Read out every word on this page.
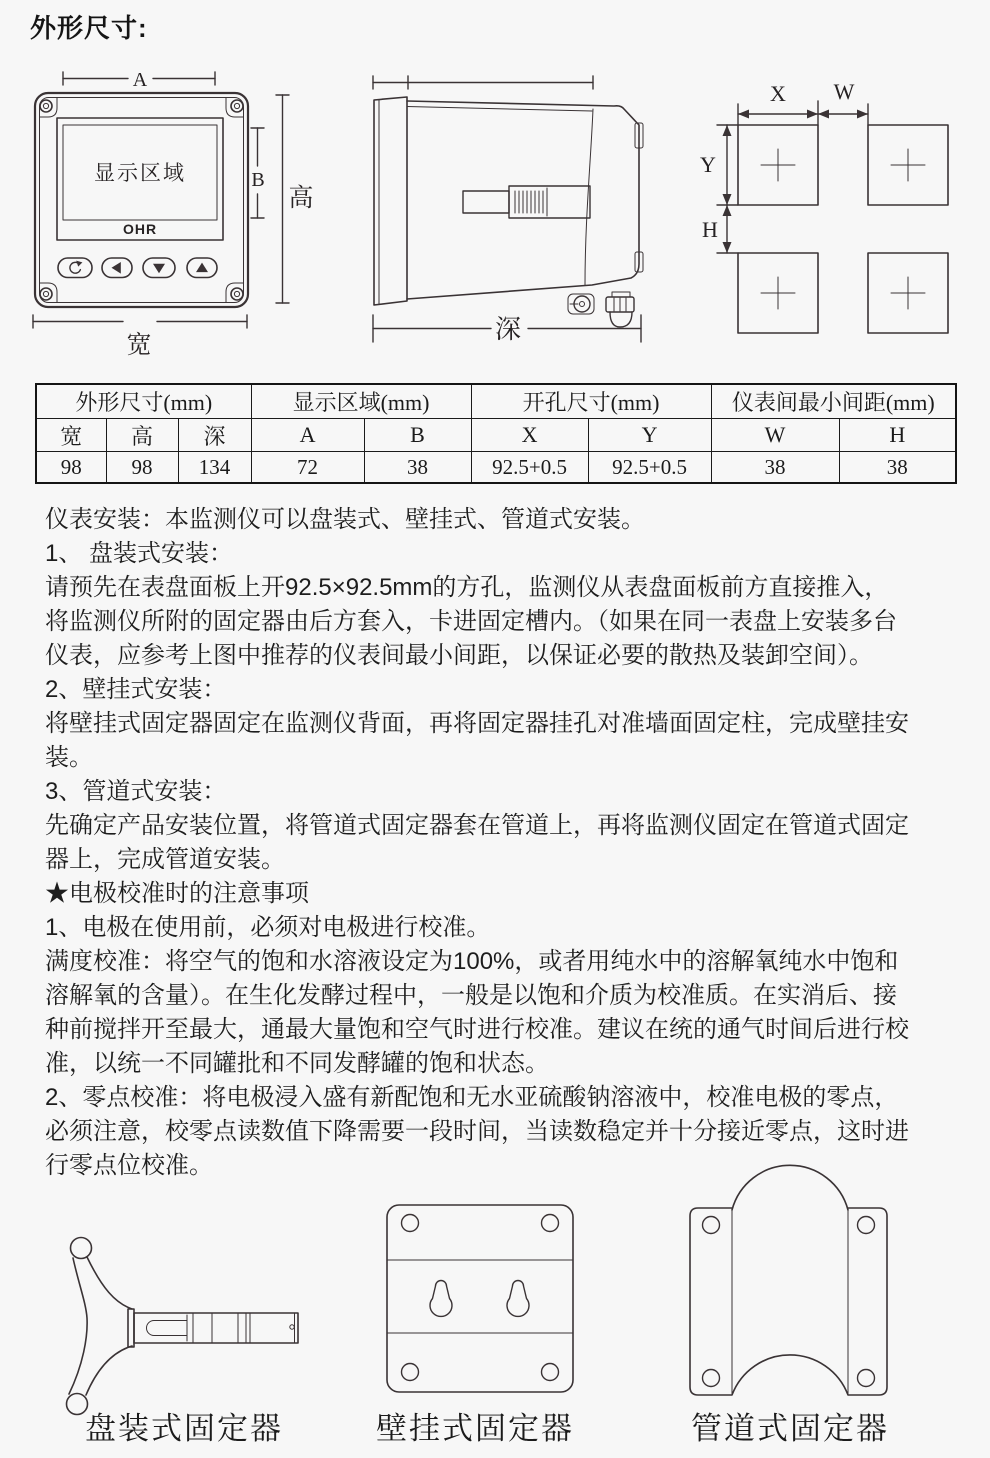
外形尺寸:
A
显示区域
OHR
B
高
宽
深
X W
Y
H
外形尺寸(mm)			显示区域(mm)		开孔尺寸(mm)		仪表间最小间距(mm)	
宽	高	深	A	B	X	Y	W	H
98	98	134	72	38	92.5+0.5	92.5+0.5	38	38
仪表安装：本监测仪可以盘装式、壁挂式、管道式安装。
1、 盘装式安装：
请预先在表盘面板上开92.5×92.5mm的方孔，监测仪从表盘面板前方直接推入，
将监测仪所附的固定器由后方套入，卡进固定槽内。（如果在同一表盘上安装多台
仪表，应参考上图中推荐的仪表间最小间距，以保证必要的散热及装卸空间）。
2、壁挂式安装：
将壁挂式固定器固定在监测仪背面，再将固定器挂孔对准墙面固定柱，完成壁挂安
装。
3、管道式安装：
先确定产品安装位置，将管道式固定器套在管道上，再将监测仪固定在管道式固定
器上，完成管道安装。
★电极校准时的注意事项
1、电极在使用前，必须对电极进行校准。
满度校准：将空气的饱和水溶液设定为100%，或者用纯水中的溶解氧纯水中饱和
溶解氧的含量）。在生化发酵过程中，一般是以饱和介质为校准质。在实消后、接
种前搅拌开至最大，通最大量饱和空气时进行校准。建议在统的通气时间后进行校
准，以统一不同罐批和不同发酵罐的饱和状态。
2、零点校准：将电极浸入盛有新配饱和无水亚硫酸钠溶液中，校准电极的零点，
必须注意，校零点读数值下降需要一段时间，当读数稳定并十分接近零点，这时进
行零点位校准。
盘装式固定器	壁挂式固定器	管道式固定器
